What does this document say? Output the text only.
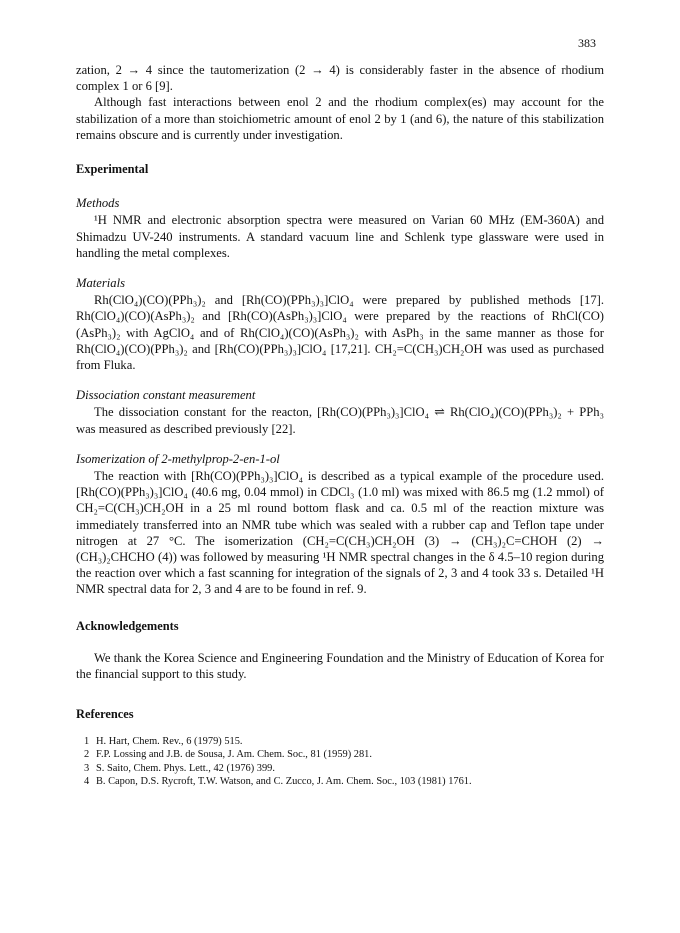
383

zation, 2 → 4 since the tautomerization (2 → 4) is considerably faster in the absence of rhodium complex 1 or 6 [9].

Although fast interactions between enol 2 and the rhodium complex(es) may account for the stabilization of a more than stoichiometric amount of enol 2 by 1 (and 6), the nature of this stabilization remains obscure and is currently under investigation.

Experimental
Methods

¹H NMR and electronic absorption spectra were measured on Varian 60 MHz (EM-360A) and Shimadzu UV-240 instruments. A standard vacuum line and Schlenk type glassware were used in handling the metal complexes.

Materials

Rh(ClO₄)(CO)(PPh₃)₂ and [Rh(CO)(PPh₃)₃]ClO₄ were prepared by published methods [17]. Rh(ClO₄)(CO)(AsPh₃)₂ and [Rh(CO)(AsPh₃)₃]ClO₄ were prepared by the reactions of RhCl(CO)(AsPh₃)₂ with AgClO₄ and of Rh(ClO₄)(CO)(AsPh₃)₂ with AsPh₃ in the same manner as those for Rh(ClO₄)(CO)(PPh₃)₂ and [Rh(CO)(PPh₃)₃]ClO₄ [17,21]. CH₂=C(CH₃)CH₂OH was used as purchased from Fluka.

Dissociation constant measurement

The dissociation constant for the reacton, [Rh(CO)(PPh₃)₃]ClO₄ ⇌ Rh(ClO₄)(CO)(PPh₃)₂ + PPh₃ was measured as described previously [22].

Isomerization of 2-methylprop-2-en-1-ol

The reaction with [Rh(CO)(PPh₃)₃]ClO₄ is described as a typical example of the procedure used. [Rh(CO)(PPh₃)₃]ClO₄ (40.6 mg, 0.04 mmol) in CDCl₃ (1.0 ml) was mixed with 86.5 mg (1.2 mmol) of CH₂=C(CH₃)CH₂OH in a 25 ml round bottom flask and ca. 0.5 ml of the reaction mixture was immediately transferred into an NMR tube which was sealed with a rubber cap and Teflon tape under nitrogen at 27 °C. The isomerization (CH₂=C(CH₃)CH₂OH (3) → (CH₃)₂C=CHOH (2) → (CH₃)₂CHCHO (4)) was followed by measuring ¹H NMR spectral changes in the δ 4.5–10 region during the reaction over which a fast scanning for integration of the signals of 2, 3 and 4 took 33 s. Detailed ¹H NMR spectral data for 2, 3 and 4 are to be found in ref. 9.

Acknowledgements

We thank the Korea Science and Engineering Foundation and the Ministry of Education of Korea for the financial support to this study.

References
1 H. Hart, Chem. Rev., 6 (1979) 515.
2 F.P. Lossing and J.B. de Sousa, J. Am. Chem. Soc., 81 (1959) 281.
3 S. Saito, Chem. Phys. Lett., 42 (1976) 399.
4 B. Capon, D.S. Rycroft, T.W. Watson, and C. Zucco, J. Am. Chem. Soc., 103 (1981) 1761.
